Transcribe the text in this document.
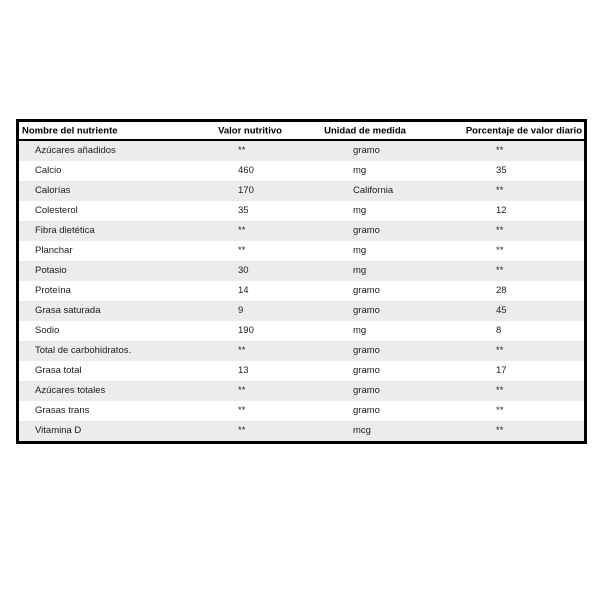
Nombre del nutriente	Valor nutritivo	Unidad de medida	Porcentaje de valor diario
Azúcares añadidos	**	gramo	**
Calcio	460	mg	35
Calorías	170	California	**
Colesterol	35	mg	12
Fibra dietética	**	gramo	**
Planchar	**	mg	**
Potasio	30	mg	**
Proteína	14	gramo	28
Grasa saturada	9	gramo	45
Sodio	190	mg	8
Total de carbohidratos.	**	gramo	**
Grasa total	13	gramo	17
Azúcares totales	**	gramo	**
Grasas trans	**	gramo	**
Vitamina D	**	mcg	**
